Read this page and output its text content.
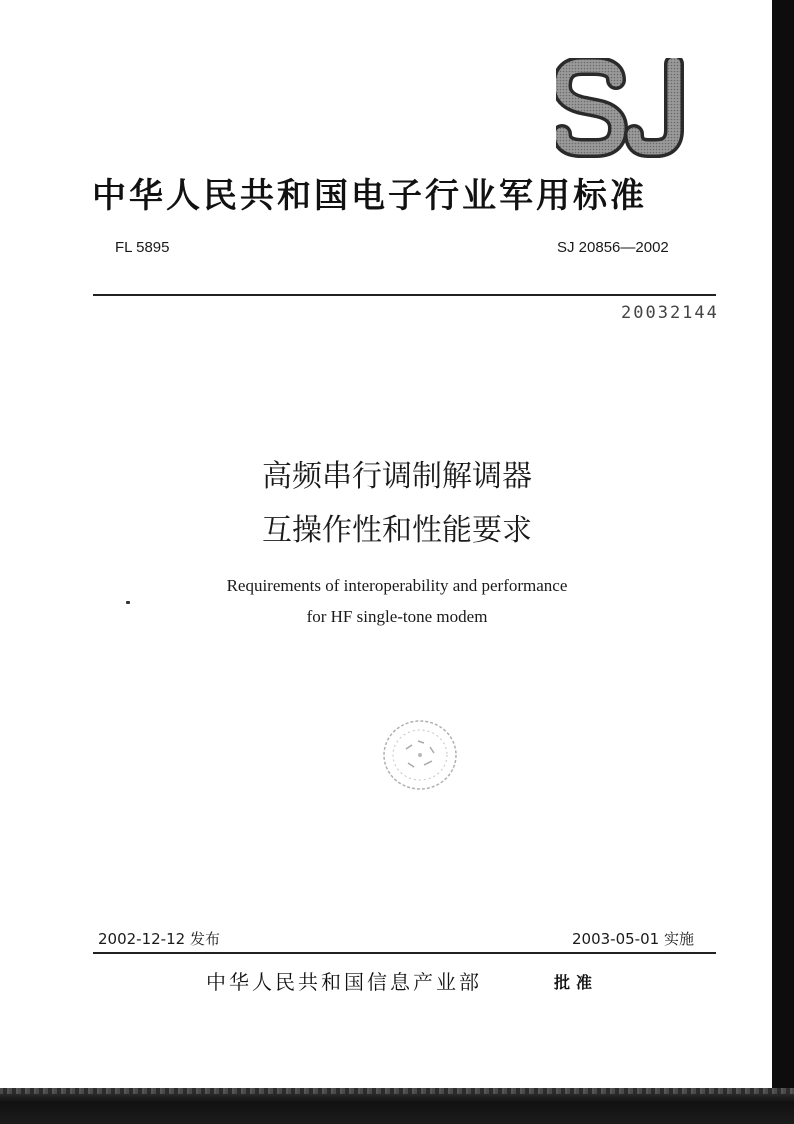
中华人民共和国电子行业军用标准
FL 5895	SJ 20856—2002
20032144
高频串行调制解调器
互操作性和性能要求
Requirements of interoperability and performance
for HF single-tone modem
2002-12-12 发布	2003-05-01 实施
中华人民共和国信息产业部	批准
